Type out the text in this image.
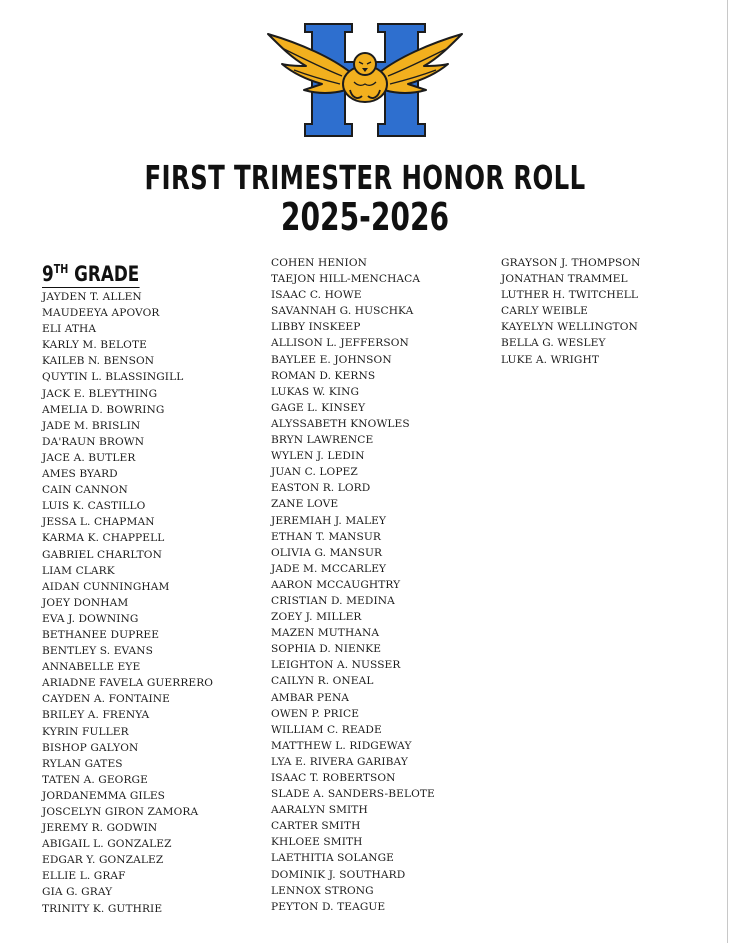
FIRST TRIMESTER HONOR ROLL
2025-2026
9TH GRADE
JAYDEN T. ALLEN
MAUDEEYA APOVOR
ELI ATHA
KARLY M. BELOTE
KAILEB N. BENSON
QUYTIN L. BLASSINGILL
JACK E. BLEYTHING
AMELIA D. BOWRING
JADE M. BRISLIN
DA'RAUN BROWN
JACE A. BUTLER
AMES BYARD
CAIN CANNON
LUIS K. CASTILLO
JESSA L. CHAPMAN
KARMA K. CHAPPELL
GABRIEL CHARLTON
LIAM CLARK
AIDAN CUNNINGHAM
JOEY DONHAM
EVA J. DOWNING
BETHANEE DUPREE
BENTLEY S. EVANS
ANNABELLE EYE
ARIADNE FAVELA GUERRERO
CAYDEN A. FONTAINE
BRILEY A. FRENYA
KYRIN FULLER
BISHOP GALYON
RYLAN GATES
TATEN A. GEORGE
JORDANEMMA GILES
JOSCELYN GIRON ZAMORA
JEREMY R. GODWIN
ABIGAIL L. GONZALEZ
EDGAR Y. GONZALEZ
ELLIE L. GRAF
GIA G. GRAY
TRINITY K. GUTHRIE
COHEN HENION
TAEJON HILL-MENCHACA
ISAAC C. HOWE
SAVANNAH G. HUSCHKA
LIBBY INSKEEP
ALLISON L. JEFFERSON
BAYLEE E. JOHNSON
ROMAN D. KERNS
LUKAS W. KING
GAGE L. KINSEY
ALYSSABETH KNOWLES
BRYN LAWRENCE
WYLEN J. LEDIN
JUAN C. LOPEZ
EASTON R. LORD
ZANE LOVE
JEREMIAH J. MALEY
ETHAN T. MANSUR
OLIVIA G. MANSUR
JADE M. MCCARLEY
AARON MCCAUGHTRY
CRISTIAN D. MEDINA
ZOEY J. MILLER
MAZEN MUTHANA
SOPHIA D. NIENKE
LEIGHTON A. NUSSER
CAILYN R. ONEAL
AMBAR PENA
OWEN P. PRICE
WILLIAM C. READE
MATTHEW L. RIDGEWAY
LYA E. RIVERA GARIBAY
ISAAC T. ROBERTSON
SLADE A. SANDERS-BELOTE
AARALYN SMITH
CARTER SMITH
KHLOEE SMITH
LAETHITIA SOLANGE
DOMINIK J. SOUTHARD
LENNOX STRONG
PEYTON D. TEAGUE
GRAYSON J. THOMPSON
JONATHAN TRAMMEL
LUTHER H. TWITCHELL
CARLY WEIBLE
KAYELYN WELLINGTON
BELLA G. WESLEY
LUKE A. WRIGHT
